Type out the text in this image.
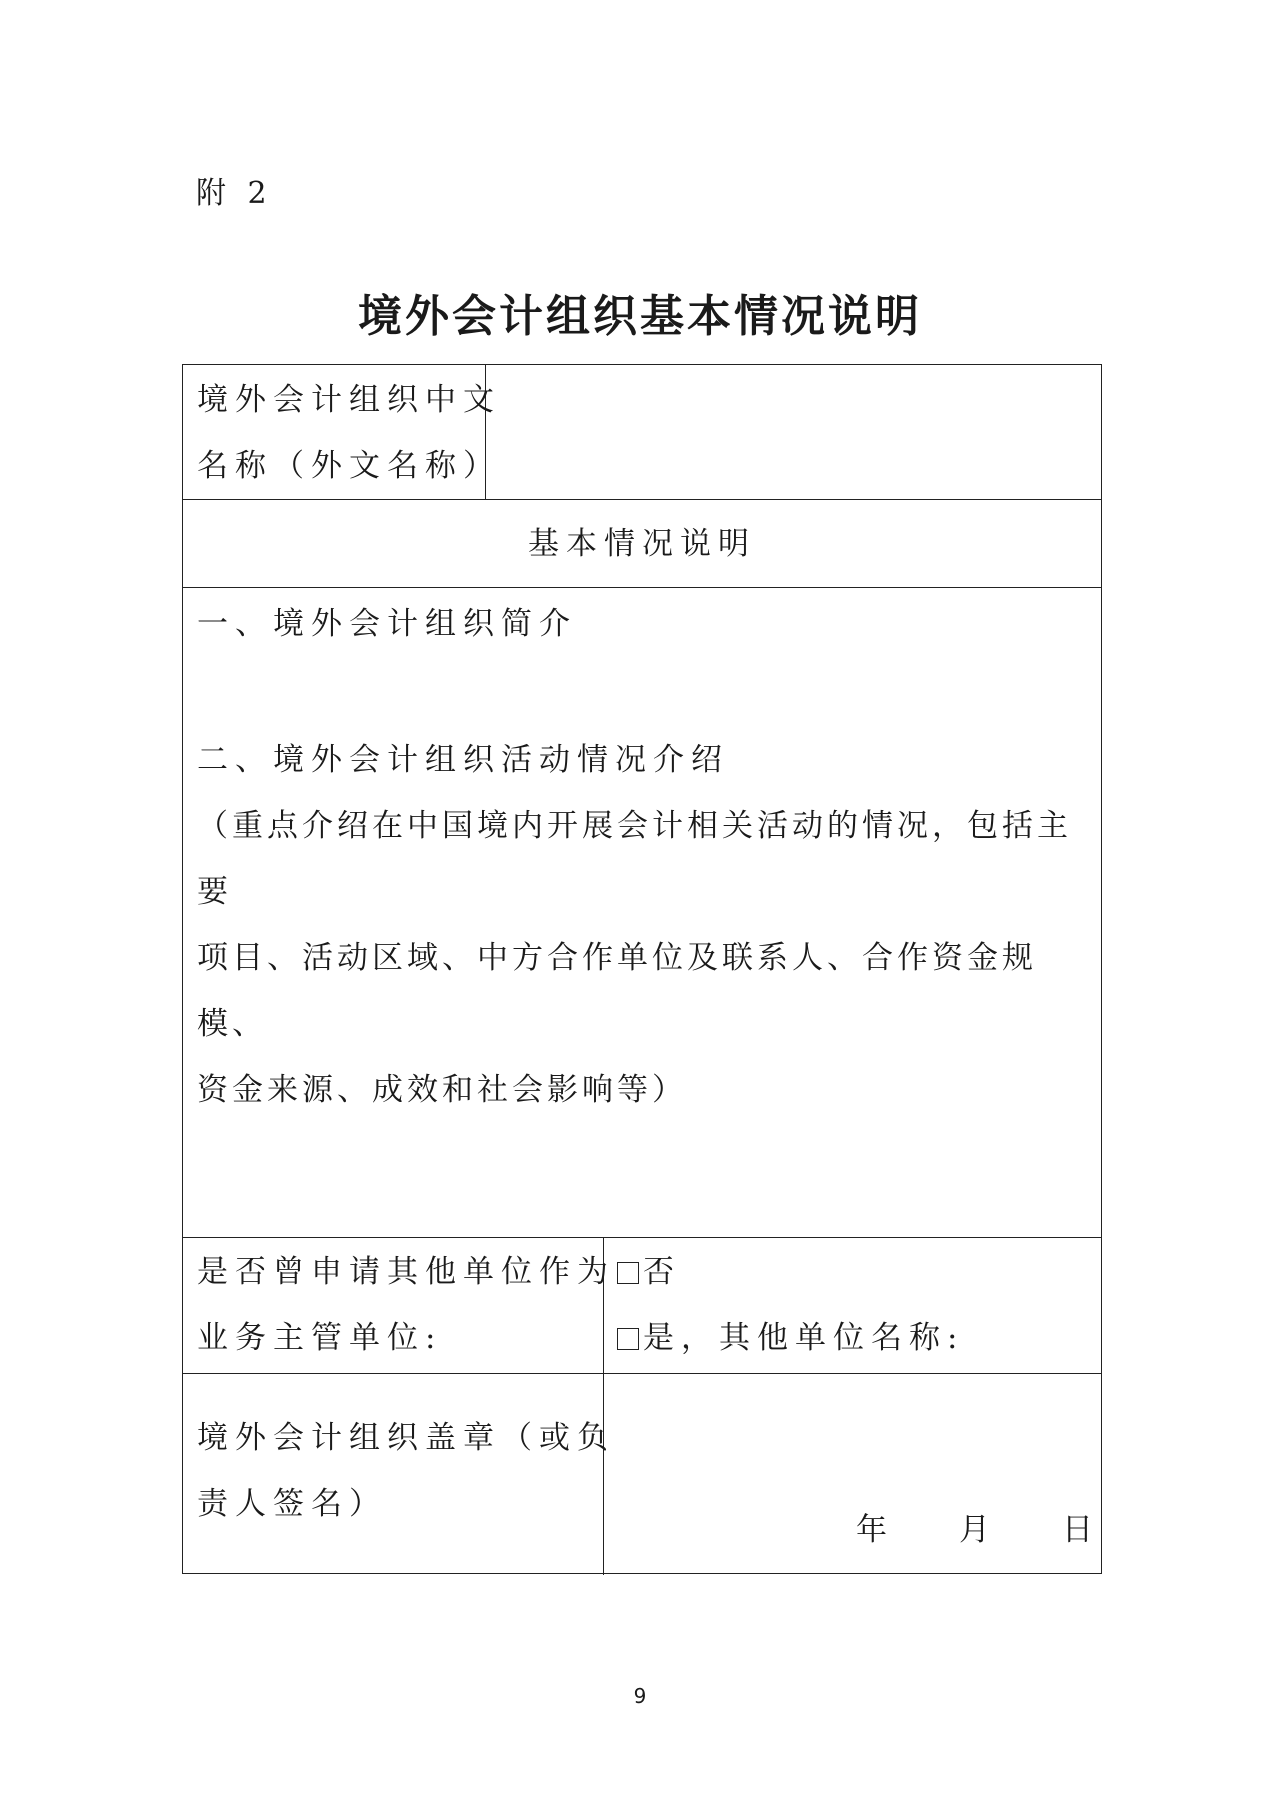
附 2
境外会计组织基本情况说明
境外会计组织中文
名称（外文名称）
基本情况说明
一、境外会计组织简介
二、境外会计组织活动情况介绍
（重点介绍在中国境内开展会计相关活动的情况，包括主要
项目、活动区域、中方合作单位及联系人、合作资金规模、
资金来源、成效和社会影响等）
是否曾申请其他单位作为
业务主管单位:
否
是，其他单位名称:
境外会计组织盖章（或负
责人签名）
年 月 日
9
